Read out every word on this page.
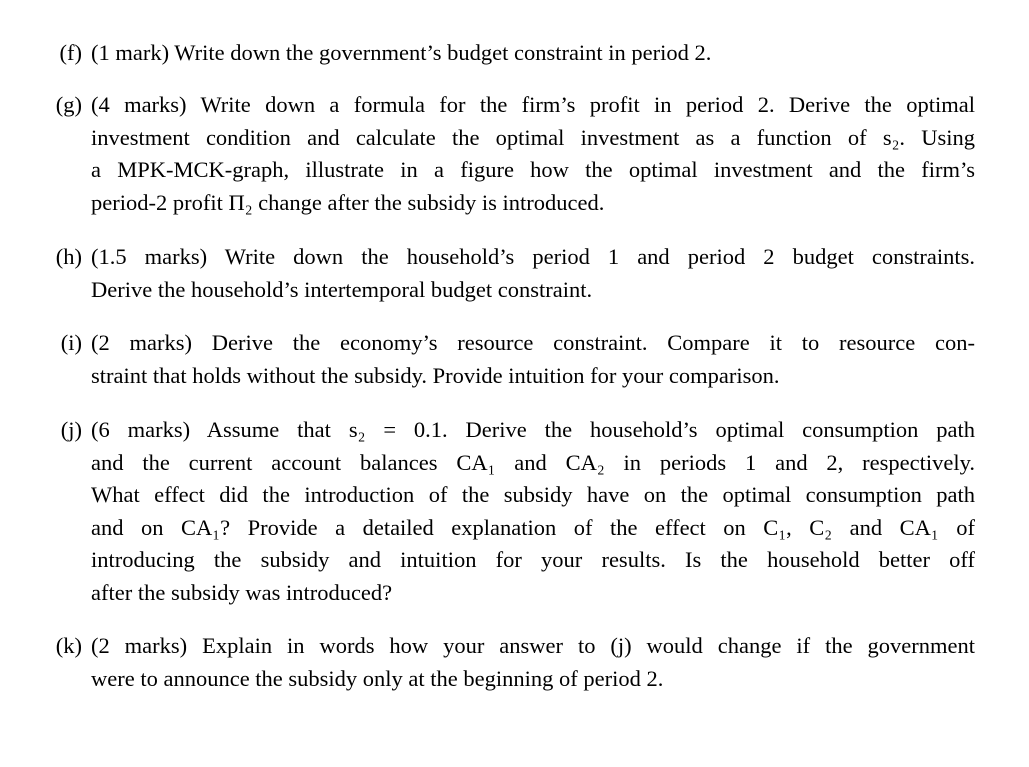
(f) (1 mark) Write down the government’s budget constraint in period 2.
(g) (4 marks) Write down a formula for the firm’s profit in period 2. Derive the optimal
investment condition and calculate the optimal investment as a function of s₂. Using
a MPK-MCK-graph, illustrate in a figure how the optimal investment and the firm’s
period-2 profit Π₂ change after the subsidy is introduced.
(h) (1.5 marks) Write down the household’s period 1 and period 2 budget constraints.
Derive the household’s intertemporal budget constraint.
(i) (2 marks) Derive the economy’s resource constraint. Compare it to resource con-
straint that holds without the subsidy. Provide intuition for your comparison.
(j) (6 marks) Assume that s₂ = 0.1. Derive the household’s optimal consumption path
and the current account balances CA₁ and CA₂ in periods 1 and 2, respectively.
What effect did the introduction of the subsidy have on the optimal consumption path
and on CA₁? Provide a detailed explanation of the effect on C₁, C₂ and CA₁ of
introducing the subsidy and intuition for your results. Is the household better off
after the subsidy was introduced?
(k) (2 marks) Explain in words how your answer to (j) would change if the government
were to announce the subsidy only at the beginning of period 2.
